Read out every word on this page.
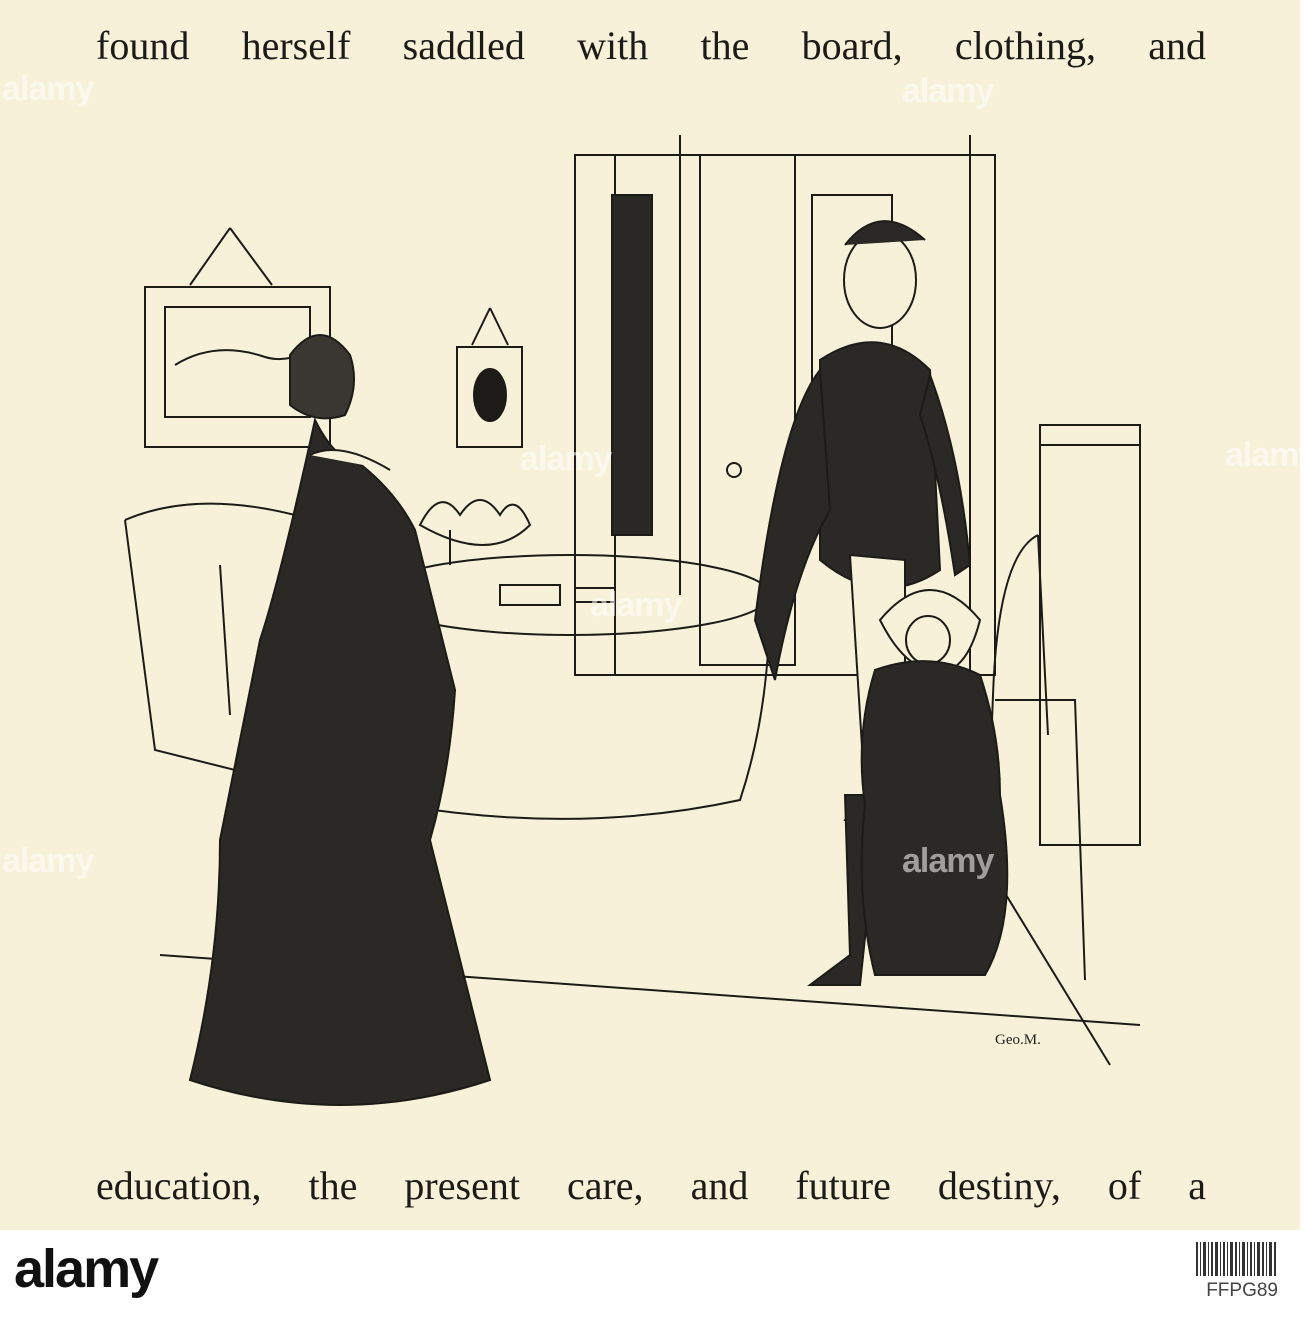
found herself saddled with the board, clothing, and
Geo.M.
education, the present care, and future destiny, of a
alamy
alamy
alamy
alamy
alamy
alamy
alamy
alamy	FFPG89
